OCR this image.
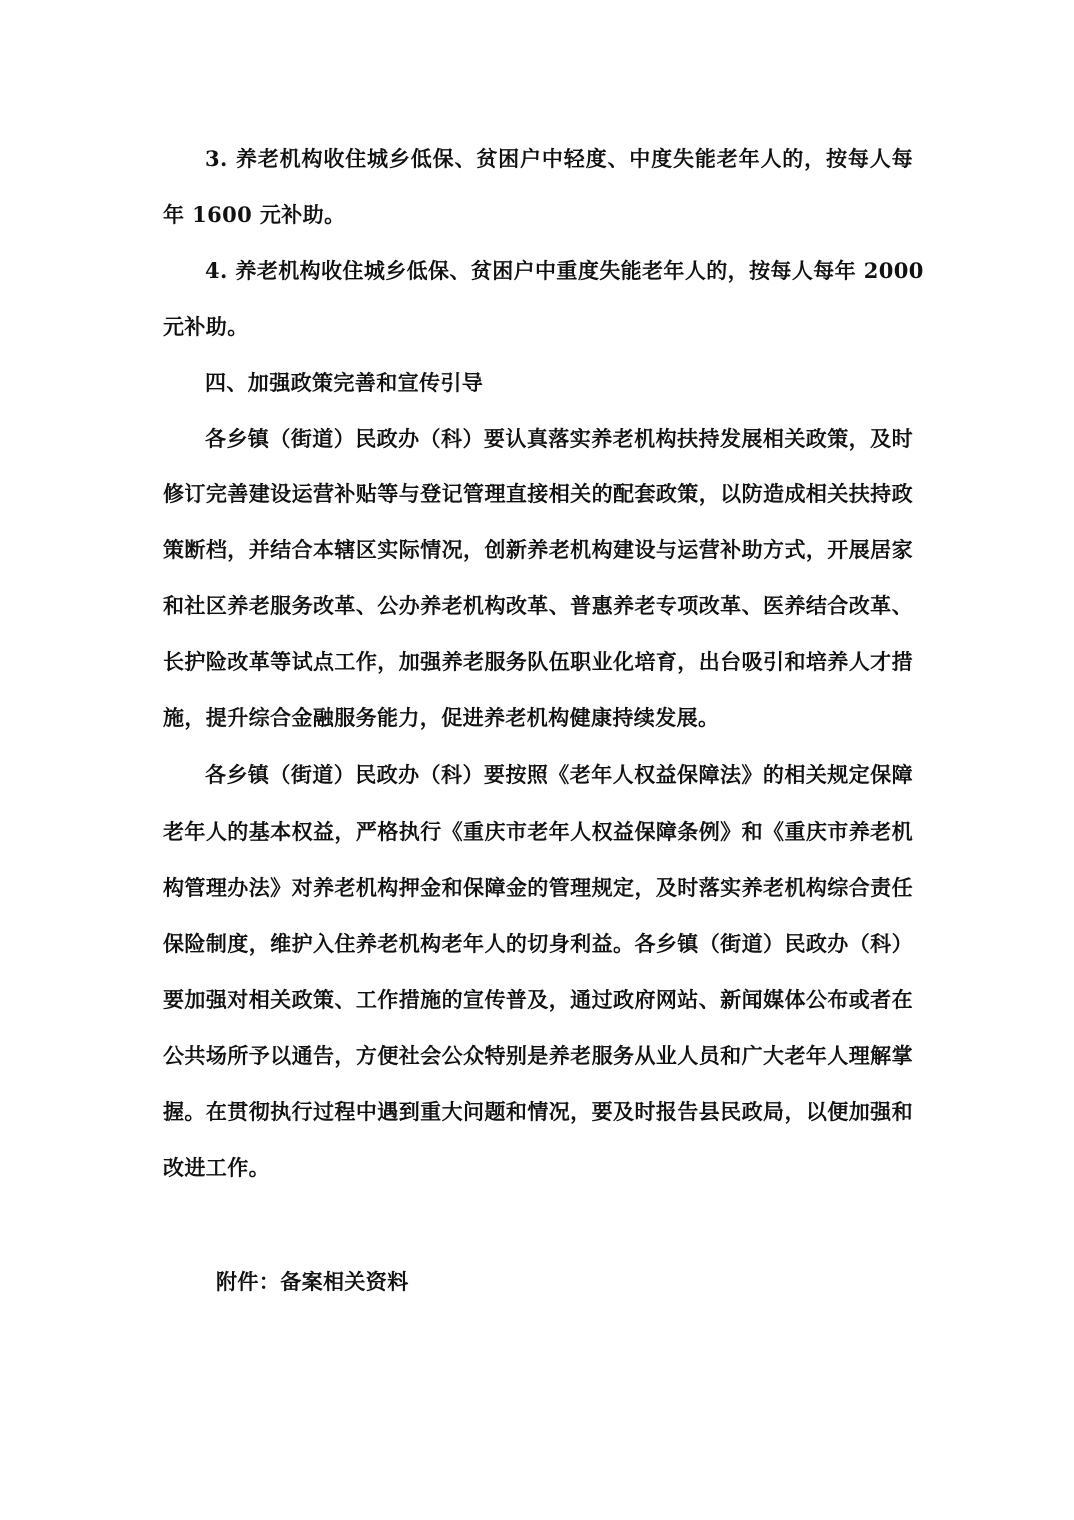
3. 养老机构收住城乡低保、贫困户中轻度、中度失能老年人的，按每人每
年 1600 元补助。
4. 养老机构收住城乡低保、贫困户中重度失能老年人的，按每人每年 2000
元补助。
四、加强政策完善和宣传引导
各乡镇（街道）民政办（科）要认真落实养老机构扶持发展相关政策，及时
修订完善建设运营补贴等与登记管理直接相关的配套政策，以防造成相关扶持政
策断档，并结合本辖区实际情况，创新养老机构建设与运营补助方式，开展居家
和社区养老服务改革、公办养老机构改革、普惠养老专项改革、医养结合改革、
长护险改革等试点工作，加强养老服务队伍职业化培育，出台吸引和培养人才措
施，提升综合金融服务能力，促进养老机构健康持续发展。
各乡镇（街道）民政办（科）要按照《老年人权益保障法》的相关规定保障
老年人的基本权益，严格执行《重庆市老年人权益保障条例》和《重庆市养老机
构管理办法》对养老机构押金和保障金的管理规定，及时落实养老机构综合责任
保险制度，维护入住养老机构老年人的切身利益。各乡镇（街道）民政办（科）
要加强对相关政策、工作措施的宣传普及，通过政府网站、新闻媒体公布或者在
公共场所予以通告，方便社会公众特别是养老服务从业人员和广大老年人理解掌
握。在贯彻执行过程中遇到重大问题和情况，要及时报告县民政局，以便加强和
改进工作。
附件：备案相关资料
